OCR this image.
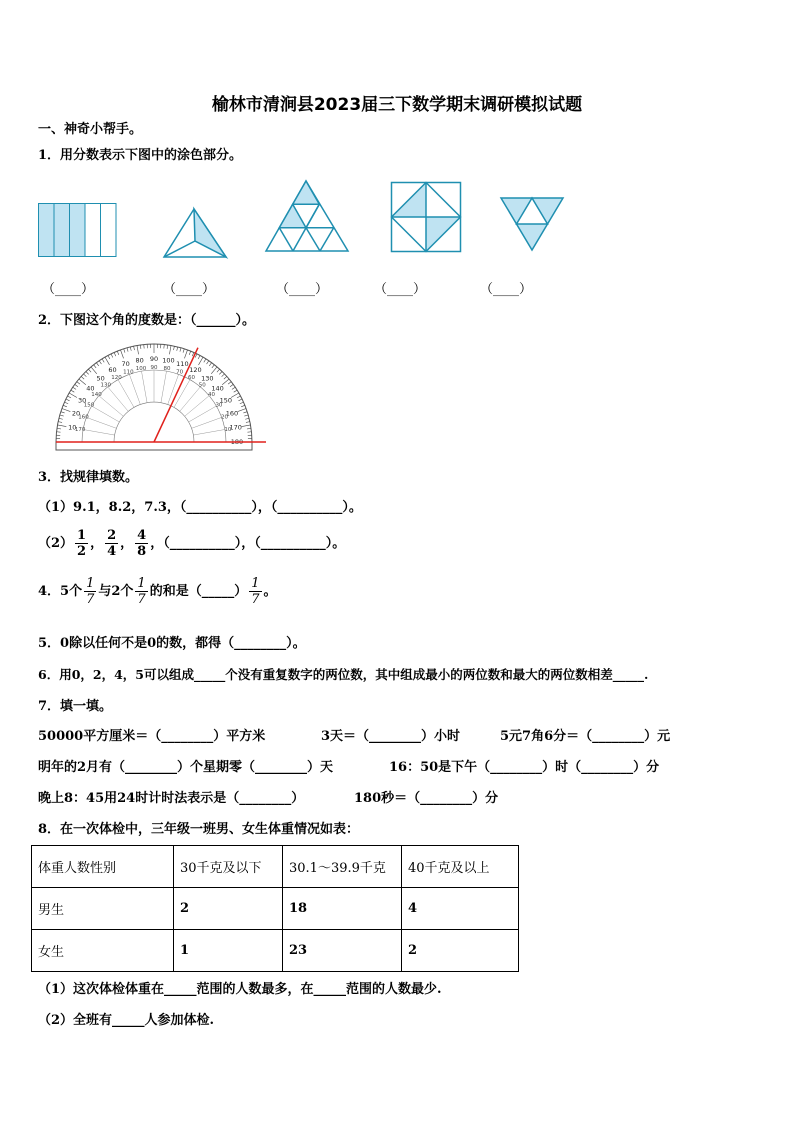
榆林市清涧县2023届三下数学期末调研模拟试题
一、神奇小帮手。
1．用分数表示下图中的涂色部分。
（____）	（____）	（____）	（____）	（____）
2．下图这个角的度数是：（______）。
10
20
30
40
50
60
70 80 90 100 110
120
130
140
150
160
170
180
10
20
30
40
50
60
70
80
90
100
110
120
130
140
150
160
170
3．找规律填数。
（1）9.1，8.2，7.3，（__________），（__________）。
$(2) \frac{1}{2}$ ， $\frac{2}{4}$ ， $\frac{4}{8}$ ，（__________），（__________）。
4．5个 $\frac{1}{7}$ 与2个 $\frac{1}{7}$ 的和是（_____） $\frac{1}{7}$ 。
5．0除以任何不是0的数，都得（________）。
6．用0，2，4，5可以组成_____个没有重复数字的两位数，其中组成最小的两位数和最大的两位数相差_____.
7．填一填。
50000平方厘米＝（________）平方米	3天＝（________）小时	5元7角6分＝（________）元
明年的2月有（________）个星期零（________）天	16：50是下午（________）时（________）分
晚上8：45用24时计时法表示是（________）	180秒＝（________）分
8．在一次体检中，三年级一班男、女生体重情况如表：
体重人数性别	30千克及以下	30.1～39.9千克	40千克及以上
男生	2	18	4
女生	1	23	2
（1）这次体检体重在_____范围的人数最多，在_____范围的人数最少.
（2）全班有_____人参加体检.
